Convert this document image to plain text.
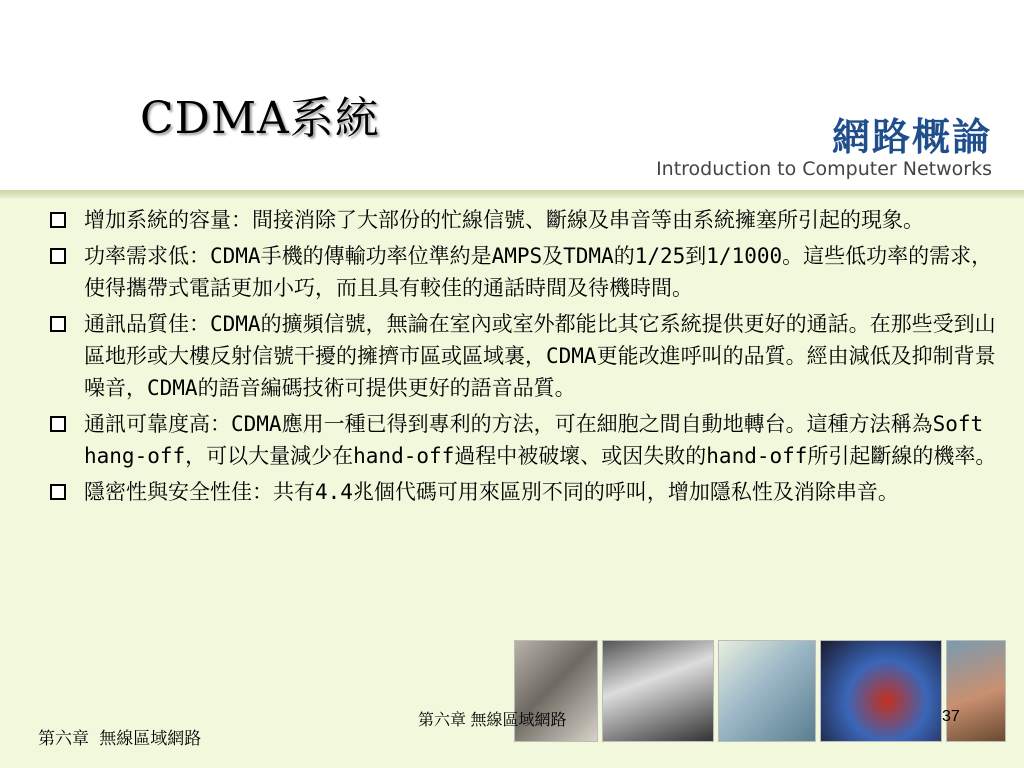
CDMA系統	網路概論
Introduction to Computer Networks
增加系統的容量：間接消除了大部份的忙線信號、斷線及串音等由系統擁塞所引起的現象。
功率需求低：CDMA手機的傳輸功率位準約是AMPS及TDMA的1/25到1/1000。這些低功率的需求，使得攜帶式電話更加小巧，而且具有較佳的通話時間及待機時間。
通訊品質佳：CDMA的擴頻信號，無論在室內或室外都能比其它系統提供更好的通話。在那些受到山區地形或大樓反射信號干擾的擁擠市區或區域裏，CDMA更能改進呼叫的品質。經由減低及抑制背景噪音，CDMA的語音編碼技術可提供更好的語音品質。
通訊可靠度高：CDMA應用一種已得到專利的方法，可在細胞之間自動地轉台。這種方法稱為Soft hang-off，可以大量減少在hand-off過程中被破壞、或因失敗的hand-off所引起斷線的機率。
隱密性與安全性佳：共有4.4兆個代碼可用來區別不同的呼叫，增加隱私性及消除串音。
第六章 無線區域網路	37
第六章 無線區域網路
